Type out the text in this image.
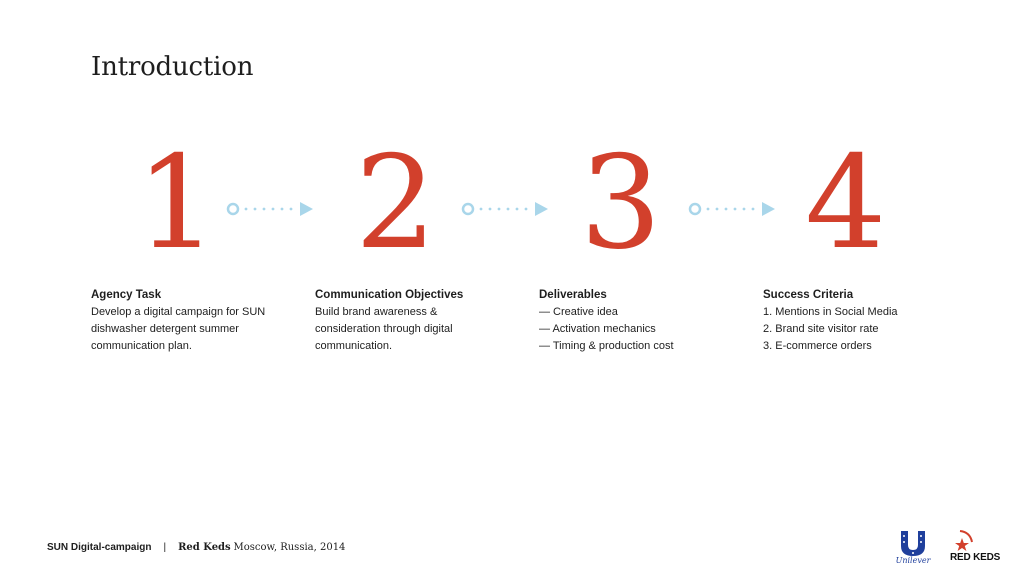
Introduction
1 2 3 4
Agency Task
Develop a digital campaign for SUN
dishwasher detergent summer
communication plan.
Communication Objectives
Build brand awareness &
consideration through digital
communication.
Deliverables
— Creative idea
— Activation mechanics
— Timing & production cost
Success Criteria
1. Mentions in Social Media
2. Brand site visitor rate
3. E-commerce orders
SUN Digital-campaign | Red Keds Moscow, Russia, 2014
Unilever RED KEDS
